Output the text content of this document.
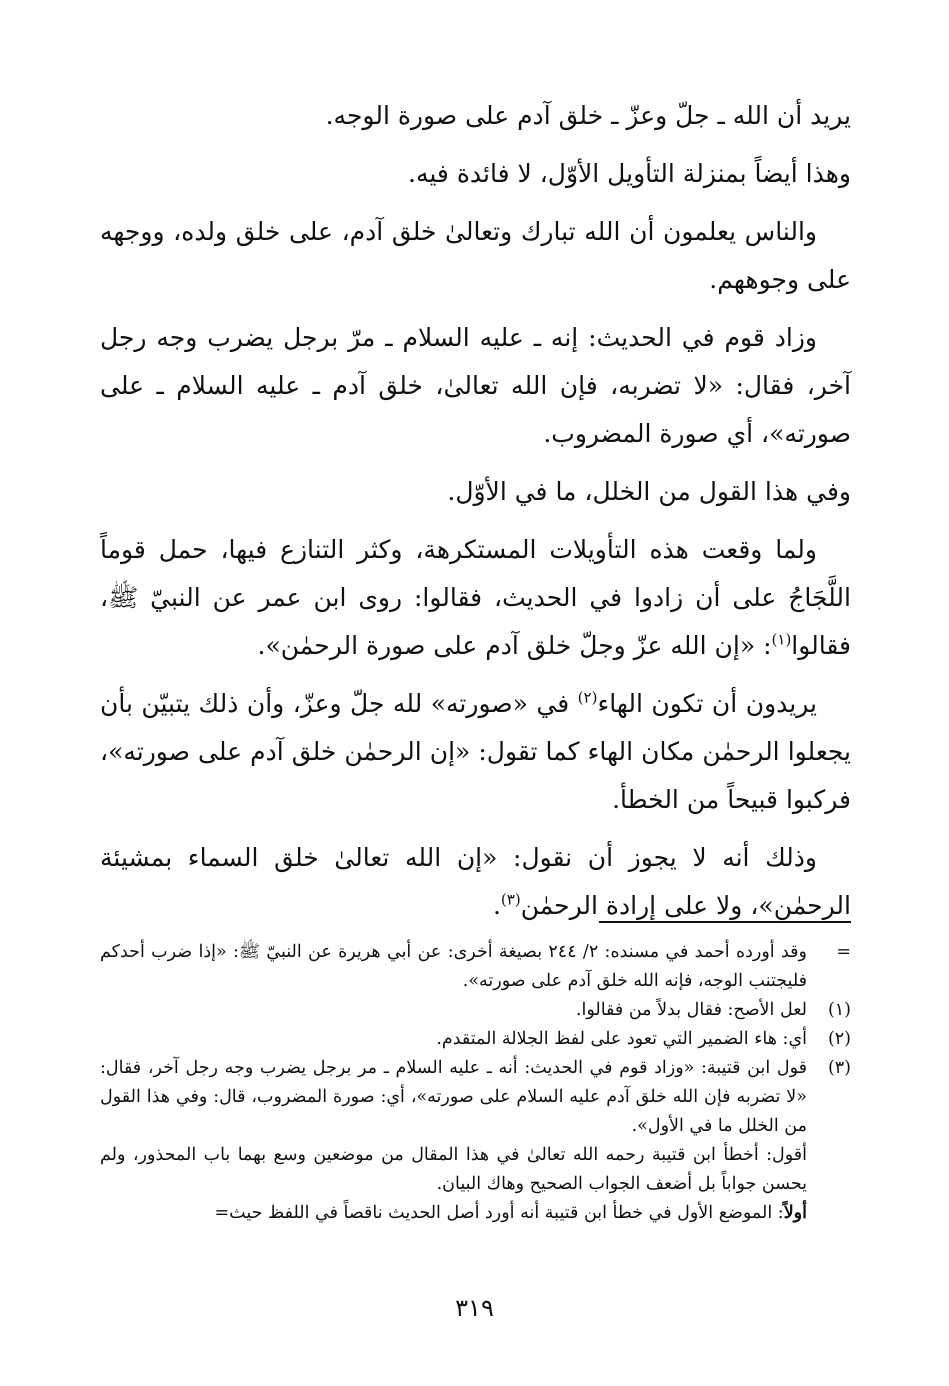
يريد أن الله ـ جلّ وعزّ ـ خلق آدم على صورة الوجه.

وهذا أيضاً بمنزلة التأويل الأوّل، لا فائدة فيه.

والناس يعلمون أن الله تبارك وتعالىٰ خلق آدم، على خلق ولده، ووجهه على وجوههم.

وزاد قوم في الحديث: إنه ـ عليه السلام ـ مرّ برجل يضرب وجه رجل آخر، فقال: «لا تضربه، فإن الله تعالىٰ، خلق آدم ـ عليه السلام ـ على صورته»، أي صورة المضروب.

وفي هذا القول من الخلل، ما في الأوّل.

ولما وقعت هذه التأويلات المستكرهة، وكثر التنازع فيها، حمل قوماً اللَّجَاجُ على أن زادوا في الحديث، فقالوا: روى ابن عمر عن النبيّ ﷺ، فقالوا$^{(١)}$: «إن الله عزّ وجلّ خلق آدم على صورة الرحمٰن».

يريدون أن تكون الهاء$^{(٢)}$ في «صورته» لله جلّ وعزّ، وأن ذلك يتبيّن بأن يجعلوا الرحمٰن مكان الهاء كما تقول: «إن الرحمٰن خلق آدم على صورته»، فركبوا قبيحاً من الخطأ.

وذلك أنه لا يجوز أن نقول: «إن الله تعالىٰ خلق السماء بمشيئة الرحمٰن»، ولا على إرادة الرحمٰن$^{(٣)}$.

=
وقد أورده أحمد في مسنده: ٢/ ٢٤٤ بصيغة أخرى: عن أبي هريرة عن النبيّ ﷺ: «إذا ضرب أحدكم فليجتنب الوجه، فإنه الله خلق آدم على صورته».
(١)
لعل الأصح: فقال بدلاً من فقالوا.
(٢)
أي: هاء الضمير التي تعود على لفظ الجلالة المتقدم.
(٣)

قول ابن قتيبة: «وزاد قوم في الحديث: أنه ـ عليه السلام ـ مر برجل يضرب وجه رجل آخر، فقال: «لا تضربه فإن الله خلق آدم عليه السلام على صورته»، أي: صورة المضروب، قال: وفي هذا القول من الخلل ما في الأول».

أقول: أخطأ ابن قتيبة رحمه الله تعالىٰ في هذا المقال من موضعين وسع بهما باب المحذور، ولم يحسن جواباً بل أضعف الجواب الصحيح وهاك البيان.

أولاً: الموضع الأول في خطأ ابن قتيبة أنه أورد أصل الحديث ناقصاً في اللفظ حيث=

٣١٩
